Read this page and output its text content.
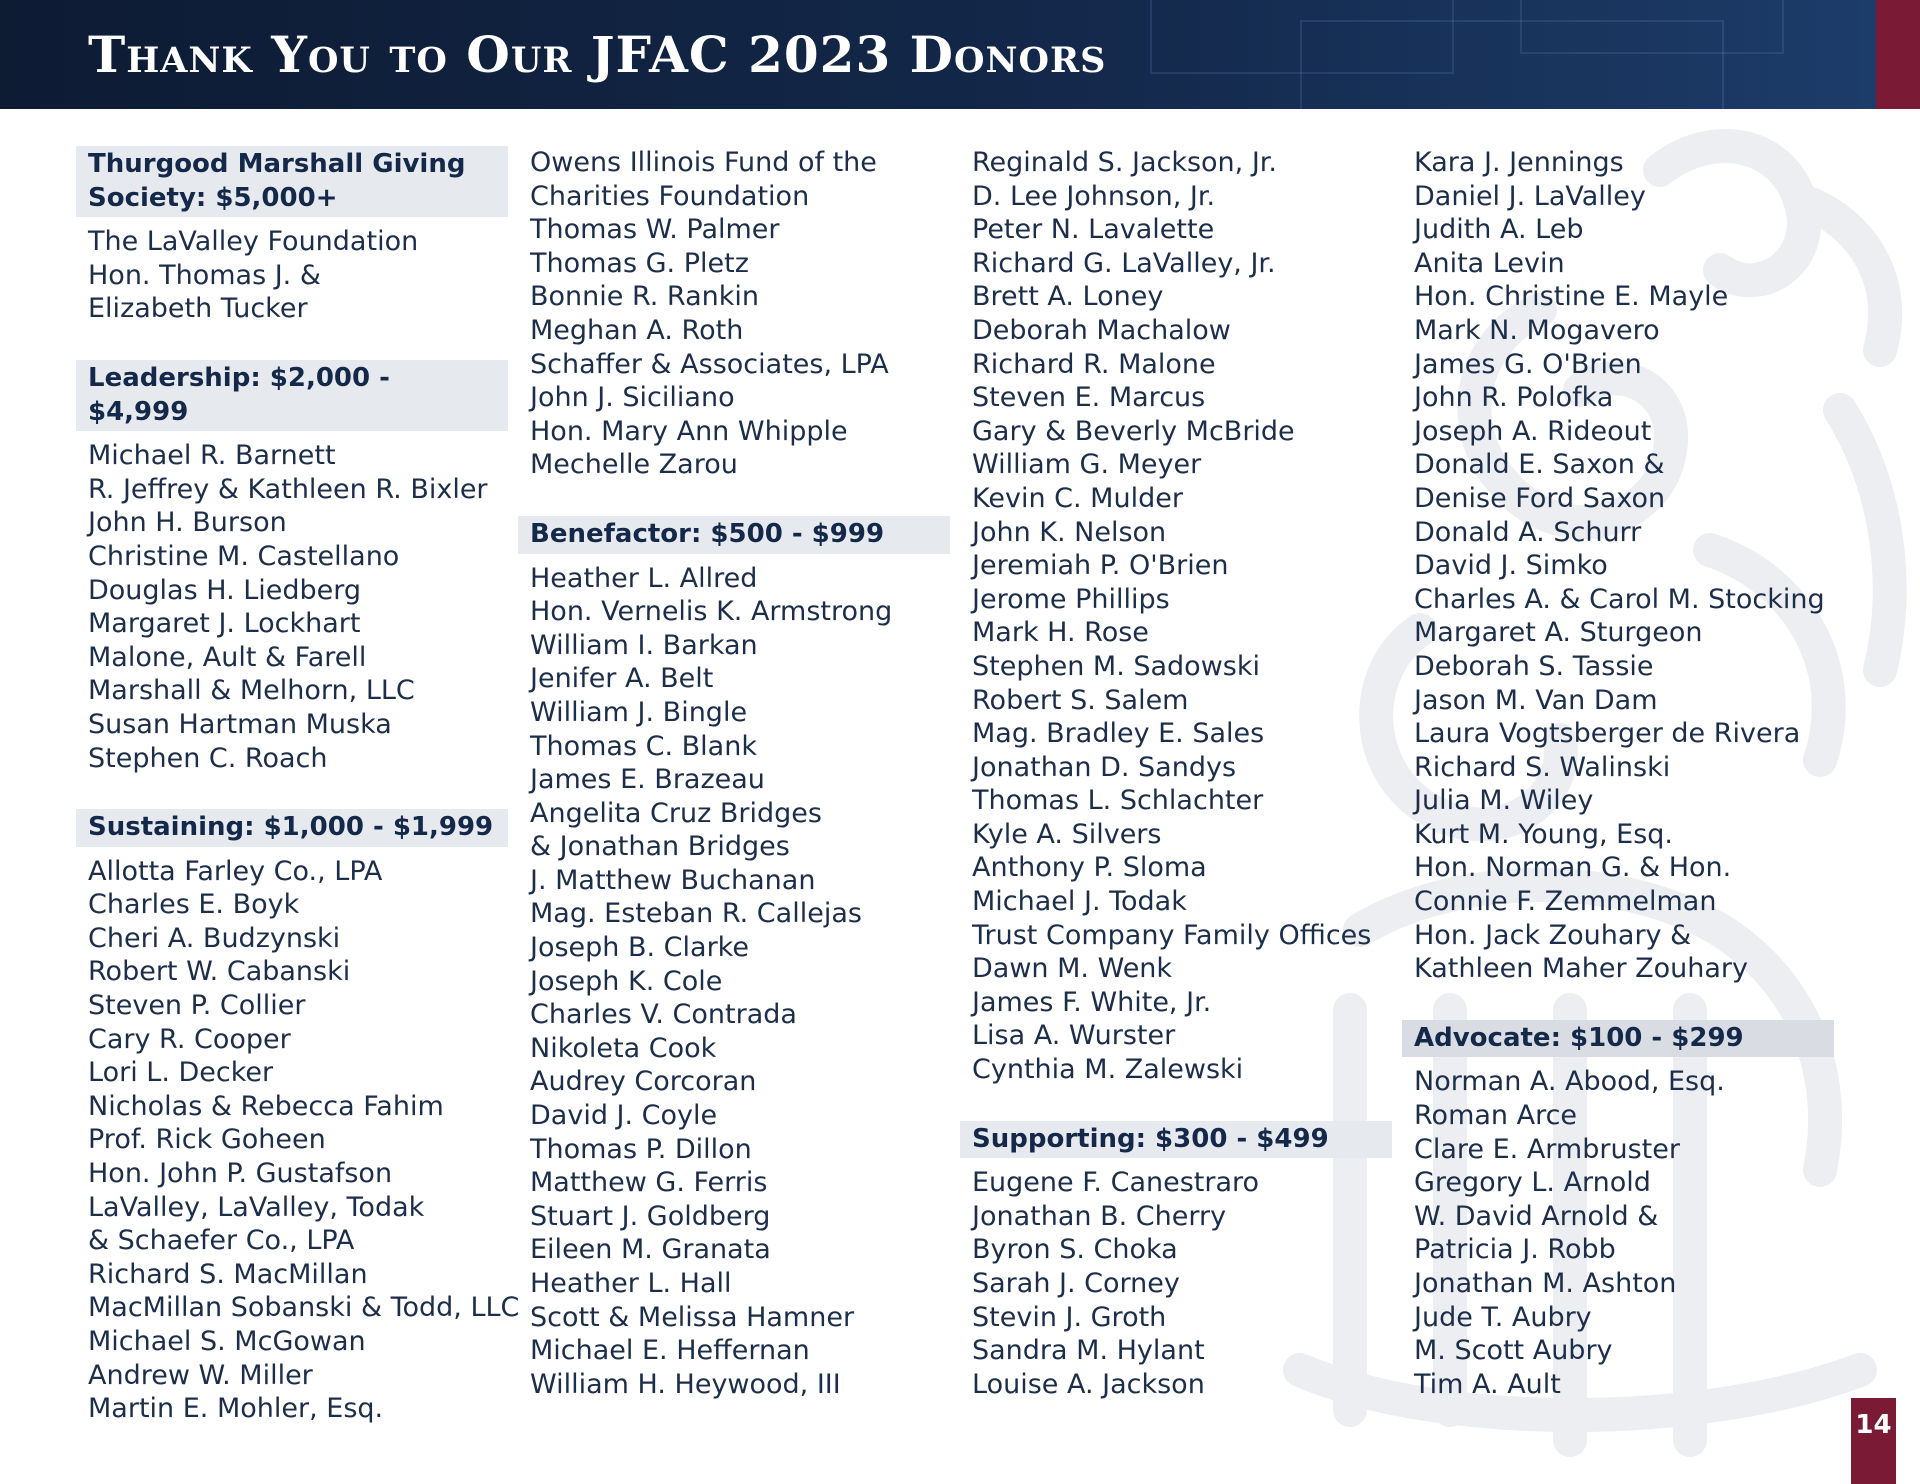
Thank You to Our JFAC 2023 Donors
Thurgood Marshall Giving Society: $5,000+
The LaValley Foundation
Hon. Thomas J. &
Elizabeth Tucker
Leadership: $2,000 - $4,999
Michael R. Barnett
R. Jeffrey & Kathleen R. Bixler
John H. Burson
Christine M. Castellano
Douglas H. Liedberg
Margaret J. Lockhart
Malone, Ault & Farell
Marshall & Melhorn, LLC
Susan Hartman Muska
Stephen C. Roach
Sustaining: $1,000 - $1,999
Allotta Farley Co., LPA
Charles E. Boyk
Cheri A. Budzynski
Robert W. Cabanski
Steven P. Collier
Cary R. Cooper
Lori L. Decker
Nicholas & Rebecca Fahim
Prof. Rick Goheen
Hon. John P. Gustafson
LaValley, LaValley, Todak
& Schaefer Co., LPA
Richard S. MacMillan
MacMillan Sobanski & Todd, LLC
Michael S. McGowan
Andrew W. Miller
Martin E. Mohler, Esq.
Owens Illinois Fund of the
Charities Foundation
Thomas W. Palmer
Thomas G. Pletz
Bonnie R. Rankin
Meghan A. Roth
Schaffer & Associates, LPA
John J. Siciliano
Hon. Mary Ann Whipple
Mechelle Zarou
Benefactor: $500 - $999
Heather L. Allred
Hon. Vernelis K. Armstrong
William I. Barkan
Jenifer A. Belt
William J. Bingle
Thomas C. Blank
James E. Brazeau
Angelita Cruz Bridges
& Jonathan Bridges
J. Matthew Buchanan
Mag. Esteban R. Callejas
Joseph B. Clarke
Joseph K. Cole
Charles V. Contrada
Nikoleta Cook
Audrey Corcoran
David J. Coyle
Thomas P. Dillon
Matthew G. Ferris
Stuart J. Goldberg
Eileen M. Granata
Heather L. Hall
Scott & Melissa Hamner
Michael E. Heffernan
William H. Heywood, III
Reginald S. Jackson, Jr.
D. Lee Johnson, Jr.
Peter N. Lavalette
Richard G. LaValley, Jr.
Brett A. Loney
Deborah Machalow
Richard R. Malone
Steven E. Marcus
Gary & Beverly McBride
William G. Meyer
Kevin C. Mulder
John K. Nelson
Jeremiah P. O'Brien
Jerome Phillips
Mark H. Rose
Stephen M. Sadowski
Robert S. Salem
Mag. Bradley E. Sales
Jonathan D. Sandys
Thomas L. Schlachter
Kyle A. Silvers
Anthony P. Sloma
Michael J. Todak
Trust Company Family Offices
Dawn M. Wenk
James F. White, Jr.
Lisa A. Wurster
Cynthia M. Zalewski
Supporting: $300 - $499
Eugene F. Canestraro
Jonathan B. Cherry
Byron S. Choka
Sarah J. Corney
Stevin J. Groth
Sandra M. Hylant
Louise A. Jackson
Kara J. Jennings
Daniel J. LaValley
Judith A. Leb
Anita Levin
Hon. Christine E. Mayle
Mark N. Mogavero
James G. O'Brien
John R. Polofka
Joseph A. Rideout
Donald E. Saxon &
Denise Ford Saxon
Donald A. Schurr
David J. Simko
Charles A. & Carol M. Stocking
Margaret A. Sturgeon
Deborah S. Tassie
Jason M. Van Dam
Laura Vogtsberger de Rivera
Richard S. Walinski
Julia M. Wiley
Kurt M. Young, Esq.
Hon. Norman G. & Hon.
Connie F. Zemmelman
Hon. Jack Zouhary &
Kathleen Maher Zouhary
Advocate: $100 - $299
Norman A. Abood, Esq.
Roman Arce
Clare E. Armbruster
Gregory L. Arnold
W. David Arnold &
Patricia J. Robb
Jonathan M. Ashton
Jude T. Aubry
M. Scott Aubry
Tim A. Ault
14
